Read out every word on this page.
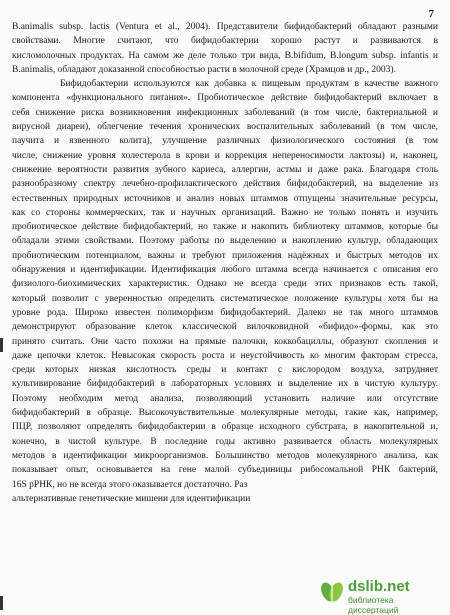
7

B.animalis subsp. lactis (Ventura et al., 2004). Представители бифидобактерий обладают разными
свойствами. Многие считают, что бифидобактерии хорошо растут и развиваются в
кисломолочных продуктах. На самом же деле только три вида, B.bifidum, B.longum subsp. infantis и
B.animalis, обладают доказанной способностью расти в молочной среде (Храмцов и др., 2003).

Бифидобактерии используются как добавка к пищевым продуктам в качестве важного
компонента «функционального питания». Пробиотическое действие бифидобактерий включает в
себя снижение риска возникновения инфекционных заболеваний (в том числе, бактериальной и
вирусной диареи), облегчение течения хронических воспалительных заболеваний (в том числе,
паучита и язвенного колита), улучшение различных физиологического состояния (в том
числе, снижение уровня холестерола в крови и коррекция непереносимости лактозы) и, наконец,
снижение вероятности развития зубного кариеса, аллергии, астмы и даже рака. Благодаря столь
разнообразному спектру лечебно-профилактического действия бифидобактерий, на выделение из
естественных природных источников и анализ новых штаммов отпущены значительные ресурсы,
как со стороны коммерческих, так и научных организаций. Важно не только понять и изучить
пробиотическое действие бифидобактерий, но также и накопить библиотеку штаммов, которые бы
обладали этими свойствами. Поэтому работы по выделению и накоплению культур, обладающих
пробиотическим потенциалом, важны и требуют приложения надёжных и быстрых методов их
обнаружения и идентификации. Идентификация любого штамма всегда начинается с описания его
физиолого-биохимических характеристик. Однако не всегда среди этих признаков есть такой,
который позволит с уверенностью определить систематическое положение культуры хотя бы на
уровне рода. Широко известен полиморфизм бифидобактерий. Далеко не так много штаммов
демонстрируют образование клеток классической вилочковидной «бифидо»-формы, как это
принято считать. Они часто похожи на прямые палочки, коккобациллы, образуют скопления и
даже цепочки клеток. Невысокая скорость роста и неустойчивость ко многим факторам стресса,
среди которых низкая кислотность среды и контакт с кислородом воздуха, затрудняет
культивирование бифидобактерий в лабораторных условиях и выделение их в чистую культуру.
Поэтому необходим метод анализа, позволяющий установить наличие или отсутствие
бифидобактерий в образце. Высокочувствительные молекулярные методы, такие как, например,
ПЦР, позволяют определять бифидобактерии в образце исходного субстрата, в накопительной и,
конечно, в чистой культуре. В последние годы активно развивается область молекулярных
методов в идентификации микроорганизмов. Большинство методов молекулярного анализа, как
показывает опыт, основывается на гене малой субъединицы рибосомальной РНК бактерий,
16S рРНК, но не всегда этого оказывается достаточно. Раз
альтернативные генетические мишени для идентификации

dslib.net
библиотека диссертаций
